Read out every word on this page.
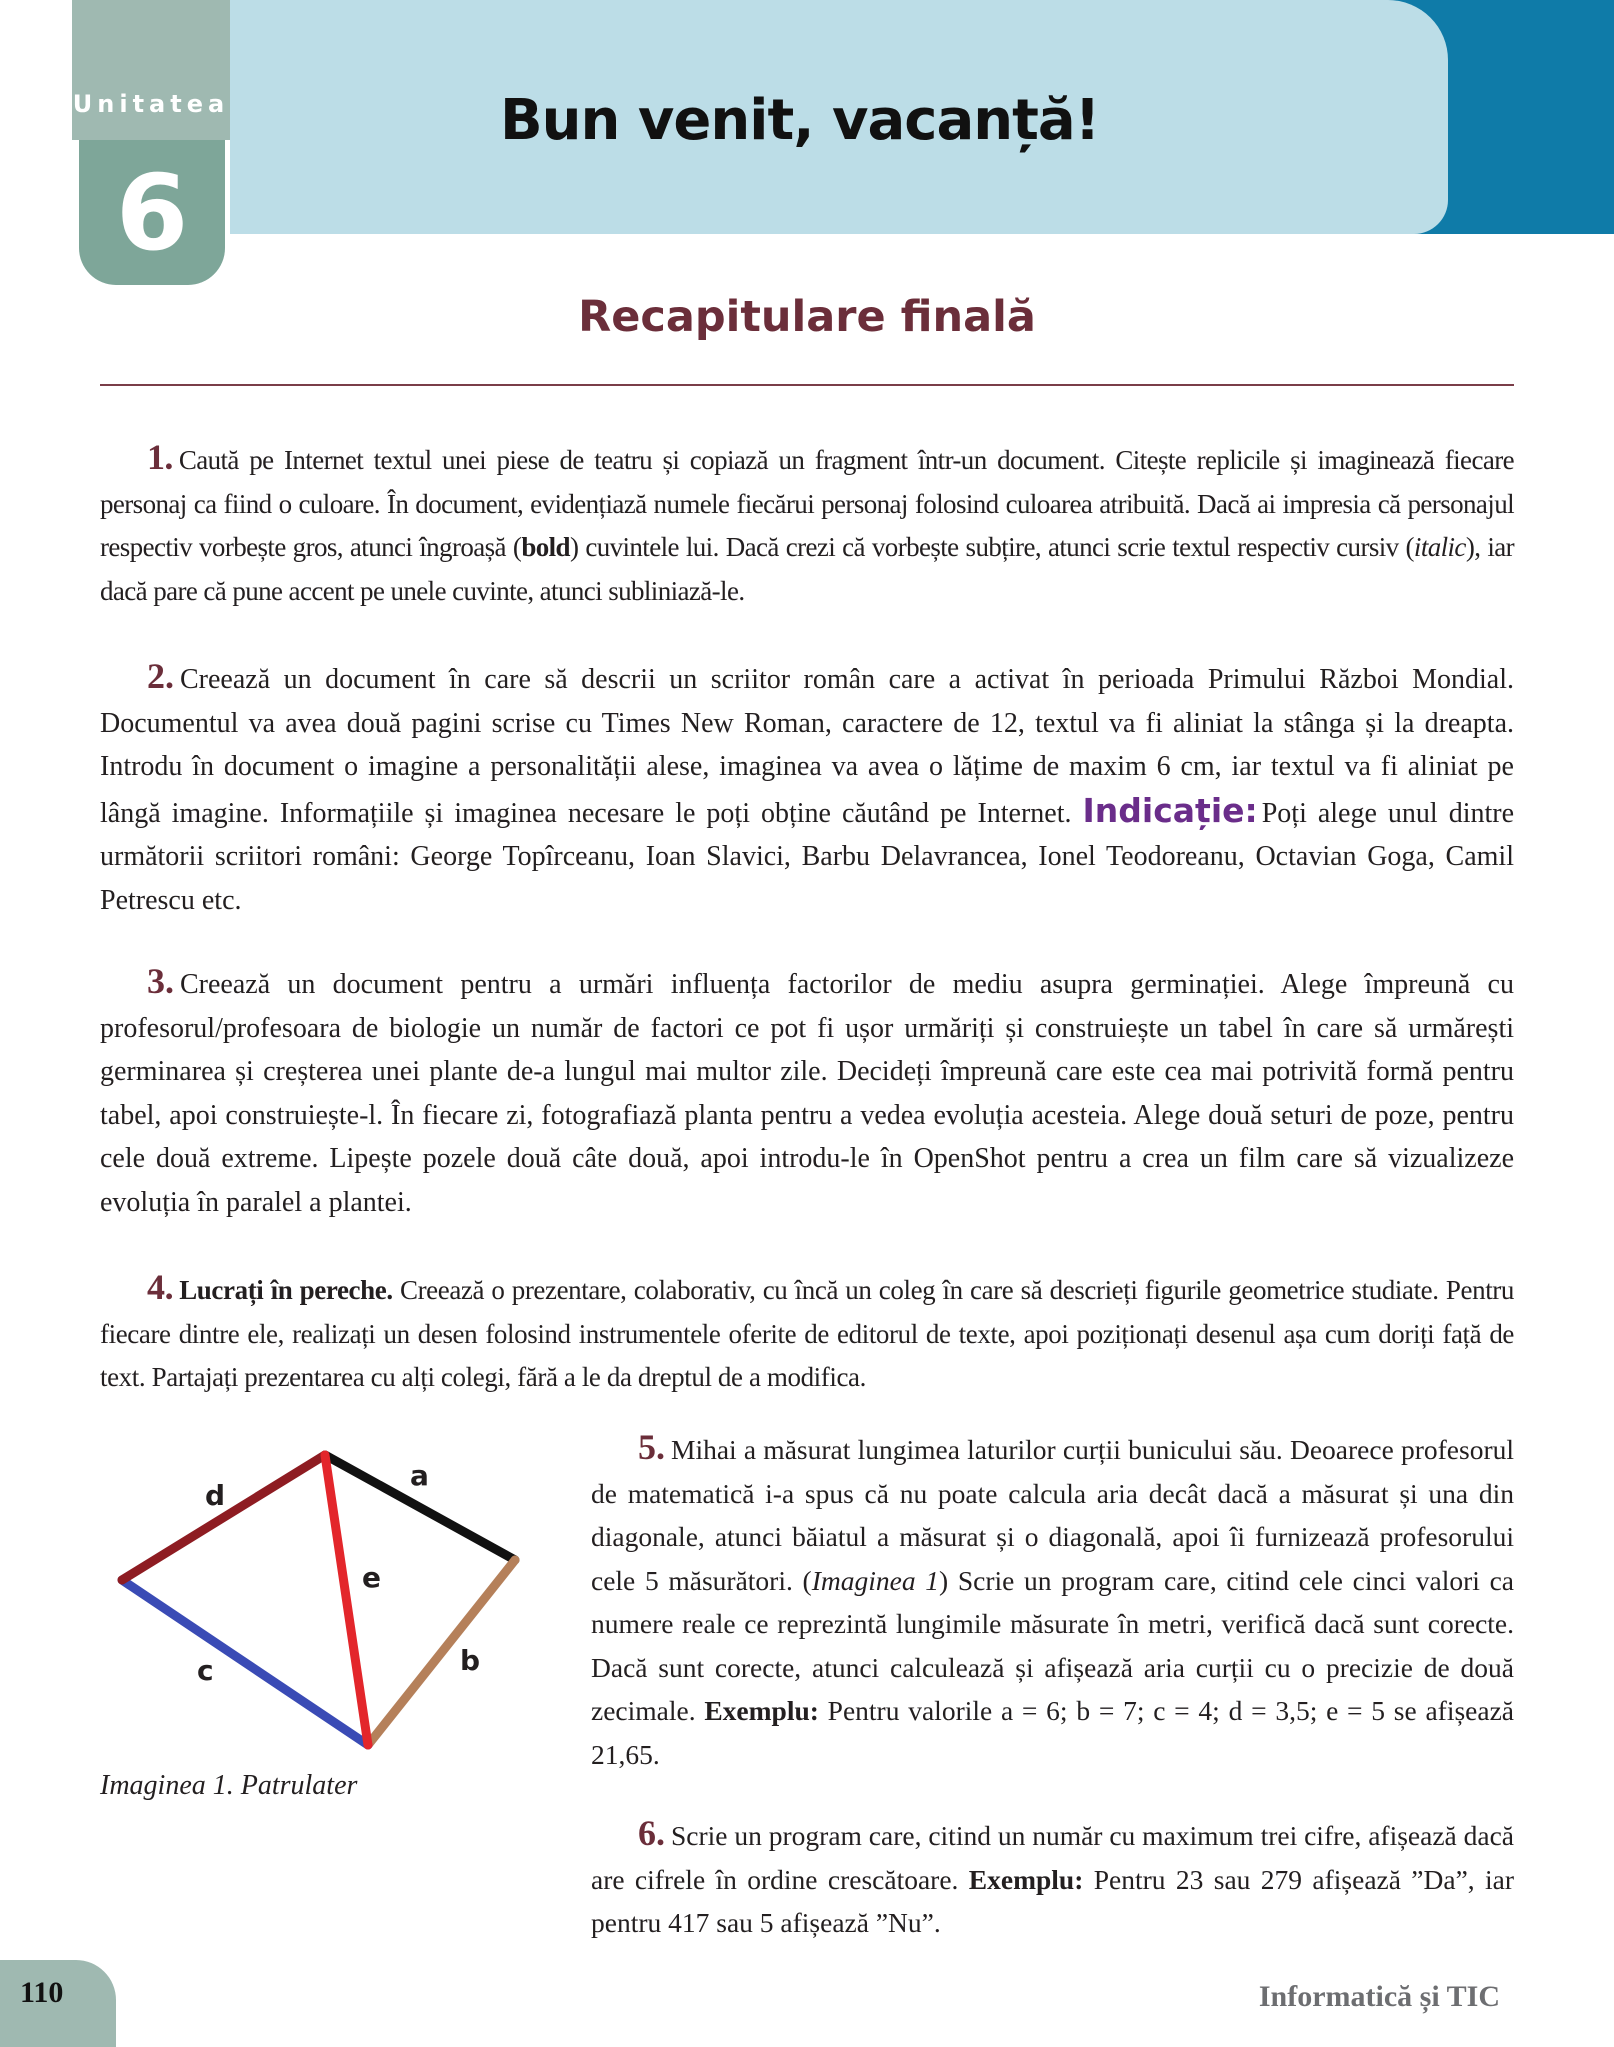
Unitatea
6
Bun venit, vacanță!
Recapitulare finală
1. Caută pe Internet textul unei piese de teatru și copiază un fragment într-un document. Citește replicile și imaginează fiecare personaj ca fiind o culoare. În document, evidențiază numele fiecărui personaj folosind culoarea atribuită. Dacă ai impresia că personajul respectiv vorbește gros, atunci îngroașă (bold) cuvintele lui. Dacă crezi că vorbește subțire, atunci scrie textul respectiv cursiv (italic), iar dacă pare că pune accent pe unele cuvinte, atunci subliniază-le.
2. Creează un document în care să descrii un scriitor român care a activat în perioada Primului Război Mondial. Documentul va avea două pagini scrise cu Times New Roman, caractere de 12, textul va fi aliniat la stânga și la dreapta. Introdu în document o imagine a personalității alese, imaginea va avea o lățime de maxim 6 cm, iar textul va fi aliniat pe lângă imagine. Informațiile și imaginea necesare le poți obține căutând pe Internet. Indicație: Poți alege unul dintre următorii scriitori români: George Topîrceanu, Ioan Slavici, Barbu Delavrancea, Ionel Teodoreanu, Octavian Goga, Camil Petrescu etc.
3. Creează un document pentru a urmări influența factorilor de mediu asupra germinației. Alege împreună cu profesorul/profesoara de biologie un număr de factori ce pot fi ușor urmăriți și construiește un tabel în care să urmărești germinarea și creșterea unei plante de-a lungul mai multor zile. Decideți împreună care este cea mai potrivită formă pentru tabel, apoi construiește-l. În fiecare zi, fotografiază planta pentru a vedea evoluția acesteia. Alege două seturi de poze, pentru cele două extreme. Lipește pozele două câte două, apoi introdu-le în OpenShot pentru a crea un film care să vizualizeze evoluția în paralel a plantei.
4. Lucrați în pereche. Creează o prezentare, colaborativ, cu încă un coleg în care să descrieți figurile geometrice studiate. Pentru fiecare dintre ele, realizați un desen folosind instrumentele oferite de editorul de texte, apoi poziționați desenul așa cum doriți față de text. Partajați prezentarea cu alți colegi, fără a le da dreptul de a modifica.
a
b
c
d
e
Imaginea 1. Patrulater
5. Mihai a măsurat lungimea laturilor curții bunicului său. Deoarece profesorul de matematică i-a spus că nu poate calcula aria decât dacă a măsurat și una din diagonale, atunci băiatul a măsurat și o diagonală, apoi îi furnizează profesorului cele 5 măsurători. (Imaginea 1) Scrie un program care, citind cele cinci valori ca numere reale ce reprezintă lungimile măsurate în metri, verifică dacă sunt corecte. Dacă sunt corecte, atunci calculează și afișează aria curții cu o precizie de două zecimale. Exemplu: Pentru valorile a = 6; b = 7; c = 4; d = 3,5; e = 5 se afișează 21,65.
6. Scrie un program care, citind un număr cu maximum trei cifre, afișează dacă are cifrele în ordine crescătoare. Exemplu: Pentru 23 sau 279 afișează ”Da”, iar pentru 417 sau 5 afișează ”Nu”.
110	Informatică și TIC
